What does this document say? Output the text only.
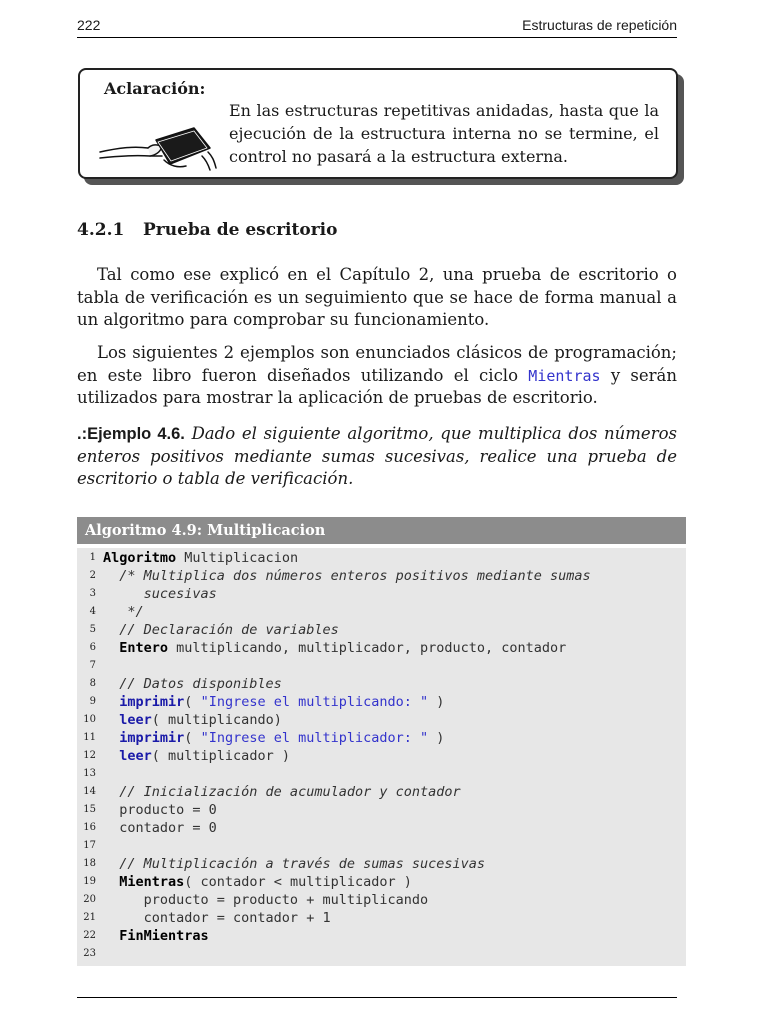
222	Estructuras de repetición
Aclaración:
En las estructuras repetitivas anidadas, hasta que la ejecución de la estructura interna no se termine, el control no pasará a la estructura externa.
4.2.1 Prueba de escritorio

Tal como ese explicó en el Capítulo 2, una prueba de escritorio o tabla de verificación es un seguimiento que se hace de forma manual a un algoritmo para comprobar su funcionamiento.

Los siguientes 2 ejemplos son enunciados clásicos de programación; en este libro fueron diseñados utilizando el ciclo Mientras y serán utilizados para mostrar la aplicación de pruebas de escritorio.

.:Ejemplo 4.6. Dado el siguiente algoritmo, que multiplica dos números enteros positivos mediante sumas sucesivas, realice una prueba de escritorio o tabla de verificación.

Algoritmo 4.9: Multiplicacion
1 Algoritmo Multiplicacion
2 /* Multiplica dos números enteros positivos mediante sumas
3 sucesivas
4 */
5 // Declaración de variables
6	Entero multiplicando, multiplicador, producto, contador
7
8 // Datos disponibles
9	imprimir( "Ingrese el multiplicando: " )
10	leer( multiplicando)
11	imprimir( "Ingrese el multiplicador: " )
12	leer( multiplicador )
13
14 // Inicialización de acumulador y contador
15 producto = 0
16 contador = 0
17
18 // Multiplicación a través de sumas sucesivas
19	Mientras( contador < multiplicador )
20 producto = producto + multiplicando
21 contador = contador + 1
22	FinMientras
23
